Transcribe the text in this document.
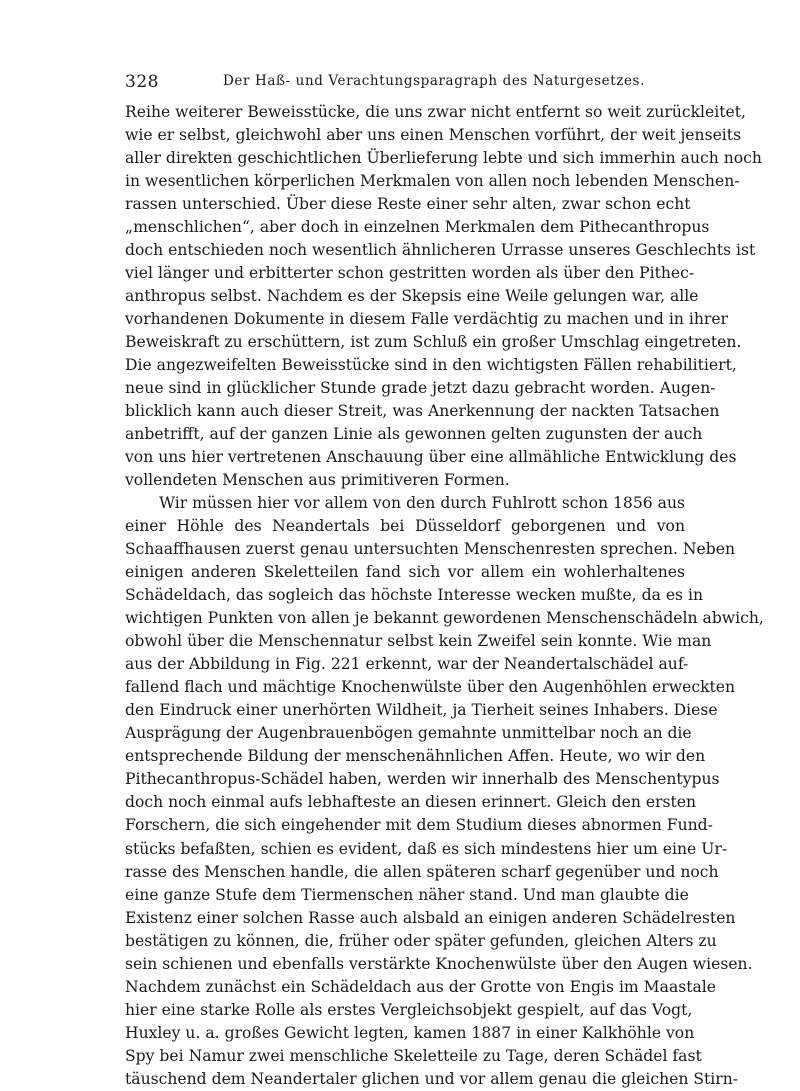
328	Der Haß- und Verachtungsparagraph des Naturgesetzes.
Reihe weiterer Beweisstücke, die uns zwar nicht entfernt so weit zurückleitet,
wie er selbst, gleichwohl aber uns einen Menschen vorführt, der weit jenseits
aller direkten geschichtlichen Überlieferung lebte und sich immerhin auch noch
in wesentlichen körperlichen Merkmalen von allen noch lebenden Menschen-
rassen unterschied. Über diese Reste einer sehr alten, zwar schon echt
„menschlichen“, aber doch in einzelnen Merkmalen dem Pithecanthropus
doch entschieden noch wesentlich ähnlicheren Urrasse unseres Geschlechts ist
viel länger und erbitterter schon gestritten worden als über den Pithec-
anthropus selbst. Nachdem es der Skepsis eine Weile gelungen war, alle
vorhandenen Dokumente in diesem Falle verdächtig zu machen und in ihrer
Beweiskraft zu erschüttern, ist zum Schluß ein großer Umschlag eingetreten.
Die angezweifelten Beweisstücke sind in den wichtigsten Fällen rehabilitiert,
neue sind in glücklicher Stunde grade jetzt dazu gebracht worden. Augen-
blicklich kann auch dieser Streit, was Anerkennung der nackten Tatsachen
anbetrifft, auf der ganzen Linie als gewonnen gelten zugunsten der auch
von uns hier vertretenen Anschauung über eine allmähliche Entwicklung des
vollendeten Menschen aus primitiveren Formen.
Wir müssen hier vor allem von den durch Fuhlrott schon 1856 aus
einer Höhle des Neandertals bei Düsseldorf geborgenen und von
Schaaffhausen zuerst genau untersuchten Menschenresten sprechen. Neben
einigen anderen Skeletteilen fand sich vor allem ein wohlerhaltenes
Schädeldach, das sogleich das höchste Interesse wecken mußte, da es in
wichtigen Punkten von allen je bekannt gewordenen Menschenschädeln abwich,
obwohl über die Menschennatur selbst kein Zweifel sein konnte. Wie man
aus der Abbildung in Fig. 221 erkennt, war der Neandertalschädel auf-
fallend flach und mächtige Knochenwülste über den Augenhöhlen erweckten
den Eindruck einer unerhörten Wildheit, ja Tierheit seines Inhabers. Diese
Ausprägung der Augenbrauenbögen gemahnte unmittelbar noch an die
entsprechende Bildung der menschenähnlichen Affen. Heute, wo wir den
Pithecanthropus-Schädel haben, werden wir innerhalb des Menschentypus
doch noch einmal aufs lebhafteste an diesen erinnert. Gleich den ersten
Forschern, die sich eingehender mit dem Studium dieses abnormen Fund-
stücks befaßten, schien es evident, daß es sich mindestens hier um eine Ur-
rasse des Menschen handle, die allen späteren scharf gegenüber und noch
eine ganze Stufe dem Tiermenschen näher stand. Und man glaubte die
Existenz einer solchen Rasse auch alsbald an einigen anderen Schädelresten
bestätigen zu können, die, früher oder später gefunden, gleichen Alters zu
sein schienen und ebenfalls verstärkte Knochenwülste über den Augen wiesen.
Nachdem zunächst ein Schädeldach aus der Grotte von Engis im Maastale
hier eine starke Rolle als erstes Vergleichsobjekt gespielt, auf das Vogt,
Huxley u. a. großes Gewicht legten, kamen 1887 in einer Kalkhöhle von
Spy bei Namur zwei menschliche Skeletteile zu Tage, deren Schädel fast
täuschend dem Neandertaler glichen und vor allem genau die gleichen Stirn-
